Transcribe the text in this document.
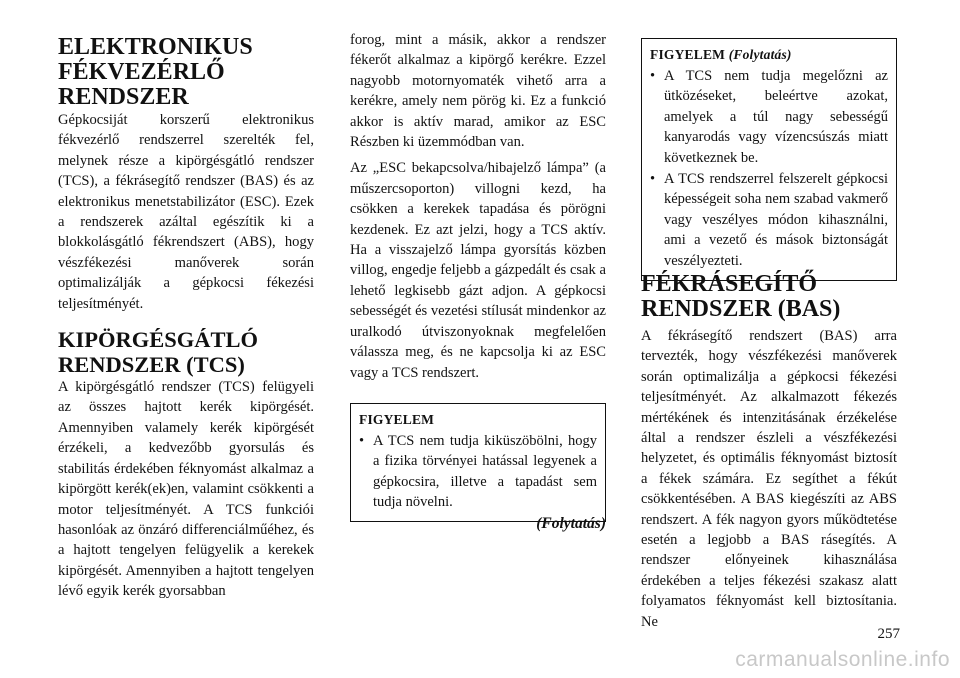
ELEKTRONIKUS FÉKVEZÉRLŐ RENDSZER

Gépkocsiját korszerű elektronikus fékvezérlő rendszerrel szerelték fel, melynek része a kipörgésgátló rendszer (TCS), a fékrásegítő rendszer (BAS) és az elektronikus menetstabilizátor (ESC). Ezek a rendszerek azáltal egészítik ki a blokkolásgátló fékrendszert (ABS), hogy vészfékezési manőverek során optimalizálják a gépkocsi fékezési teljesítményét.

KIPÖRGÉSGÁTLÓ RENDSZER (TCS)

A kipörgésgátló rendszer (TCS) felügyeli az összes hajtott kerék kipörgését. Amennyiben valamely kerék kipörgését érzékeli, a kedvezőbb gyorsulás és stabilitás érdekében féknyomást alkalmaz a kipörgött kerék(ek)en, valamint csökkenti a motor teljesítményét. A TCS funkciói hasonlóak az önzáró differenciálműéhez, és a hajtott tengelyen felügyelik a kerekek kipörgését. Amennyiben a hajtott tengelyen lévő egyik kerék gyorsabban

forog, mint a másik, akkor a rendszer fékerőt alkalmaz a kipörgő kerékre. Ezzel nagyobb motornyomaték vihető arra a kerékre, amely nem pörög ki. Ez a funkció akkor is aktív marad, amikor az ESC Részben ki üzemmódban van.

Az „ESC bekapcsolva/hibajelző lámpa” (a műszercsoporton) villogni kezd, ha csökken a kerekek tapadása és pörögni kezdenek. Ez azt jelzi, hogy a TCS aktív. Ha a visszajelző lámpa gyorsítás közben villog, engedje feljebb a gázpedált és csak a lehető legkisebb gázt adjon. A gépkocsi sebességét és vezetési stílusát mindenkor az uralkodó útviszonyoknak megfelelően válassza meg, és ne kapcsolja ki az ESC vagy a TCS rendszert.

FIGYELEM

• A TCS nem tudja kiküszöbölni, hogy a fizika törvényei hatással legyenek a gépkocsira, illetve a tapadást sem tudja növelni.
(Folytatás)

FIGYELEM (Folytatás)

• A TCS nem tudja megelőzni az ütközéseket, beleértve azokat, amelyek a túl nagy sebességű kanyarodás vagy vízencsúszás miatt következnek be.
• A TCS rendszerrel felszerelt gépkocsi képességeit soha nem szabad vakmerő vagy veszélyes módon kihasználni, ami a vezető és mások biztonságát veszélyezteti.
FÉKRÁSEGÍTŐ RENDSZER (BAS)

A fékrásegítő rendszert (BAS) arra tervezték, hogy vészfékezési manőverek során optimalizálja a gépkocsi fékezési teljesítményét. Az alkalmazott fékezés mértékének és intenzitásának érzékelése által a rendszer észleli a vészfékezési helyzetet, és optimális féknyomást biztosít a fékek számára. Ez segíthet a fékút csökkentésében. A BAS kiegészíti az ABS rendszert. A fék nagyon gyors működtetése esetén a legjobb a BAS rásegítés. A rendszer előnyeinek kihasználása érdekében a teljes fékezési szakasz alatt folyamatos féknyomást kell biztosítania. Ne

257
carmanualsonline.info
